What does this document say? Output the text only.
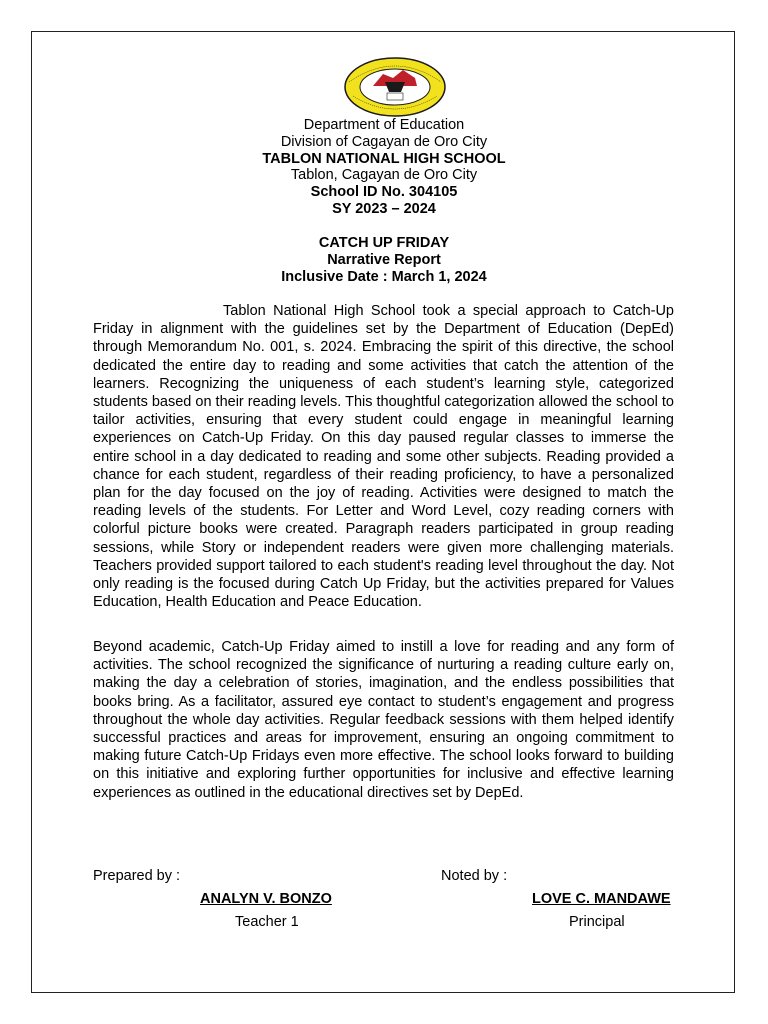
Department of Education
Division of Cagayan de Oro City
TABLON NATIONAL HIGH SCHOOL
Tablon, Cagayan de Oro City
School ID No. 304105
SY 2023 – 2024
CATCH UP FRIDAY
Narrative Report
Inclusive Date : March 1, 2024
Tablon National High School took a special approach to Catch-Up Friday in alignment with the guidelines set by the Department of Education (DepEd) through Memorandum No. 001, s. 2024. Embracing the spirit of this directive, the school dedicated the entire day to reading and some activities that catch the attention of the learners. Recognizing the uniqueness of each student’s learning style, categorized students based on their reading levels. This thoughtful categorization allowed the school to tailor activities, ensuring that every student could engage in meaningful learning experiences on Catch-Up Friday. On this day paused regular classes to immerse the entire school in a day dedicated to reading and some other subjects. Reading provided a chance for each student, regardless of their reading proficiency, to have a personalized plan for the day focused on the joy of reading. Activities were designed to match the reading levels of the students. For Letter and Word Level, cozy reading corners with colorful picture books were created. Paragraph readers participated in group reading sessions, while Story or independent readers were given more challenging materials. Teachers provided support tailored to each student's reading level throughout the day. Not only reading is the focused during Catch Up Friday, but the activities prepared for Values Education, Health Education and Peace Education.
Beyond academic, Catch-Up Friday aimed to instill a love for reading and any form of activities. The school recognized the significance of nurturing a reading culture early on, making the day a celebration of stories, imagination, and the endless possibilities that books bring. As a facilitator, assured eye contact to student’s engagement and progress throughout the whole day activities. Regular feedback sessions with them helped identify successful practices and areas for improvement, ensuring an ongoing commitment to making future Catch-Up Fridays even more effective. The school looks forward to building on this initiative and exploring further opportunities for inclusive and effective learning experiences as outlined in the educational directives set by DepEd.
Prepared by :	Noted by :
ANALYN V. BONZO	LOVE C. MANDAWE
Teacher 1	Principal
